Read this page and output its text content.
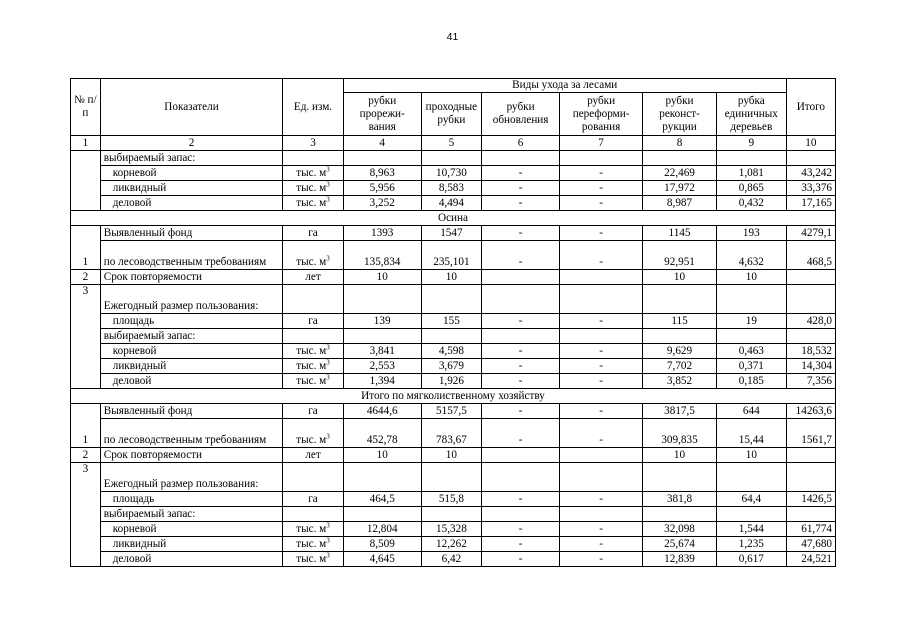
41
№ п/п	Показатели	Ед. изм.	Виды ухода за лесами						Итого
			рубки прорежи-вания	проходные рубки	рубки обновления	рубки переформи-рования	рубки реконст-рукции	рубка единичных деревьев	
1	2	3	4	5	6	7	8	9	10
	выбираемый запас:								
	корневой	тыс. $м^3$	8,963	10,730	-	-	22,469	1,081	43,242
	ликвидный	тыс. $м^3$	5,956	8,583	-	-	17,972	0,865	33,376
	деловой	тыс. $м^3$	3,252	4,494	-	-	8,987	0,432	17,165
Осина									
1	Выявленный фонд	га	1393	1547	-	-	1145	193	4279,1
	по лесоводственным требованиям	тыс. $м^3$	135,834	235,101	-	-	92,951	4,632	468,5
2	Срок повторяемости	лет	10	10			10	10	
3	Ежегодный размер пользования:								
	площадь	га	139	155	-	-	115	19	428,0
	выбираемый запас:								
	корневой	тыс. $м^3$	3,841	4,598	-	-	9,629	0,463	18,532
	ликвидный	тыс. $м^3$	2,553	3,679	-	-	7,702	0,371	14,304
	деловой	тыс. $м^3$	1,394	1,926	-	-	3,852	0,185	7,356
Итого по мягколиственному хозяйству									
1	Выявленный фонд	га	4644,6	5157,5	-	-	3817,5	644	14263,6
	по лесоводственным требованиям	тыс. $м^3$	452,78	783,67	-	-	309,835	15,44	1561,7
2	Срок повторяемости	лет	10	10			10	10	
3	Ежегодный размер пользования:								
	площадь	га	464,5	515,8	-	-	381,8	64,4	1426,5
	выбираемый запас:								
	корневой	тыс. $м^3$	12,804	15,328	-	-	32,098	1,544	61,774
	ликвидный	тыс. $м^3$	8,509	12,262	-	-	25,674	1,235	47,680
	деловой	тыс. $м^3$	4,645	6,42	-	-	12,839	0,617	24,521
